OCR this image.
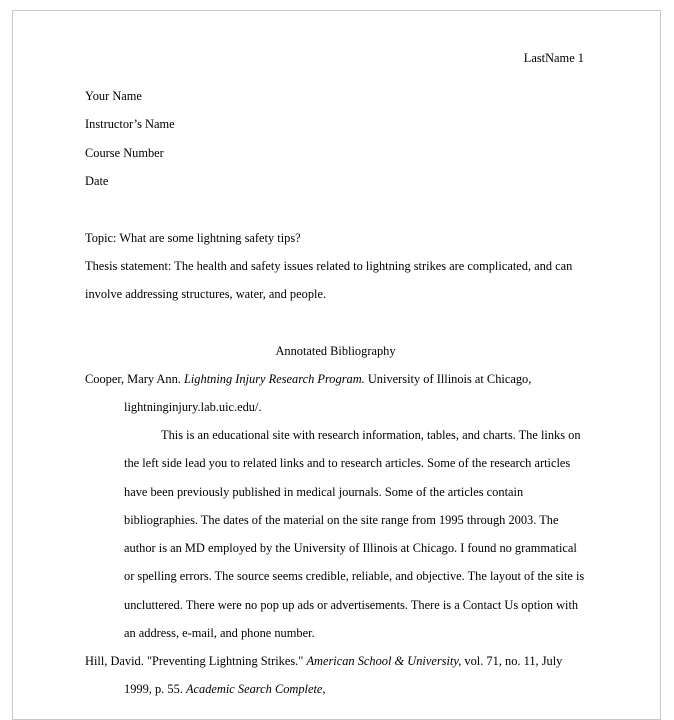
LastName 1
Your Name
Instructor’s Name
Course Number
Date
Topic: What are some lightning safety tips?
Thesis statement: The health and safety issues related to lightning strikes are complicated, and can
involve addressing structures, water, and people.
Annotated Bibliography
Cooper, Mary Ann. Lightning Injury Research Program. University of Illinois at Chicago,
lightninginjury.lab.uic.edu/.
This is an educational site with research information, tables, and charts. The links on
the left side lead you to related links and to research articles. Some of the research articles
have been previously published in medical journals. Some of the articles contain
bibliographies. The dates of the material on the site range from 1995 through 2003. The
author is an MD employed by the University of Illinois at Chicago. I found no grammatical
or spelling errors. The source seems credible, reliable, and objective. The layout of the site is
uncluttered. There were no pop up ads or advertisements. There is a Contact Us option with
an address, e-mail, and phone number.
Hill, David. "Preventing Lightning Strikes." American School & University, vol. 71, no. 11, July
1999, p. 55. Academic Search Complete,
